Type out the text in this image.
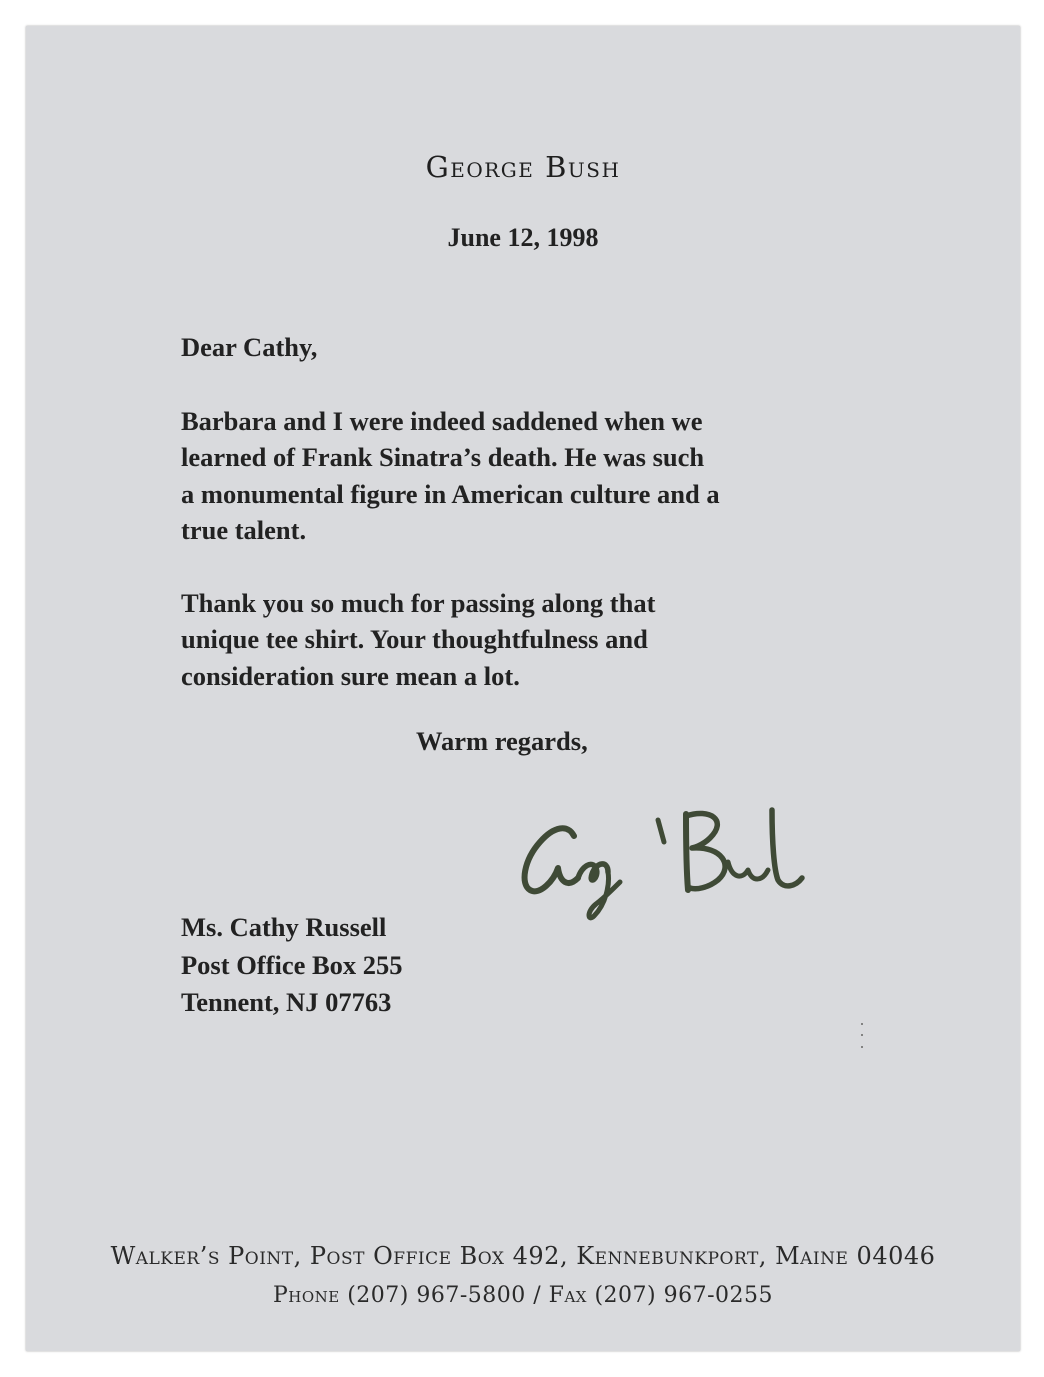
George Bush
June 12, 1998

Dear Cathy,

Barbara and I were indeed saddened when we
learned of Frank Sinatra’s death. He was such
a monumental figure in American culture and a
true talent.

Thank you so much for passing along that
unique tee shirt. Your thoughtfulness and
consideration sure mean a lot.

Warm regards,
Ms. Cathy Russell
Post Office Box 255
Tennent, NJ 07763
Walker’s Point, Post Office Box 492, Kennebunkport, Maine 04046
Phone (207) 967-5800 / Fax (207) 967-0255
